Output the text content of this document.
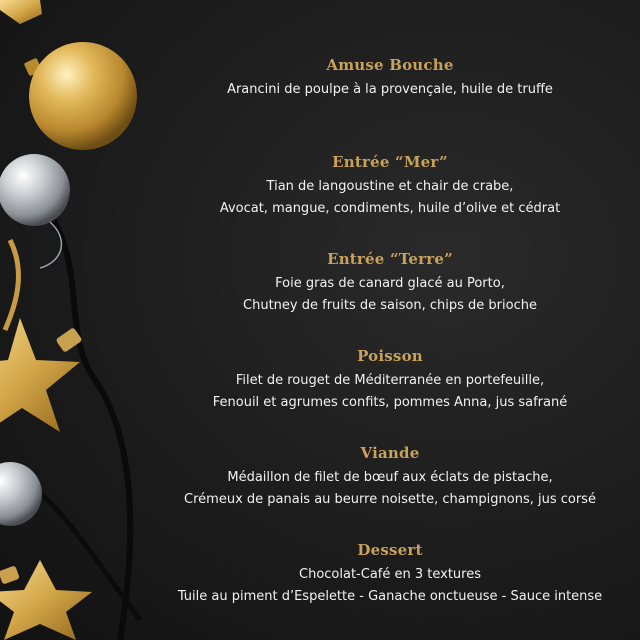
Amuse Bouche
Arancini de poulpe à la provençale, huile de truffe
Entrée “Mer”
Tian de langoustine et chair de crabe,
Avocat, mangue, condiments, huile d’olive et cédrat
Entrée “Terre”
Foie gras de canard glacé au Porto,
Chutney de fruits de saison, chips de brioche
Poisson
Filet de rouget de Méditerranée en portefeuille,
Fenouil et agrumes confits, pommes Anna, jus safrané
Viande
Médaillon de filet de bœuf aux éclats de pistache,
Crémeux de panais au beurre noisette, champignons, jus corsé
Dessert
Chocolat-Café en 3 textures
Tuile au piment d’Espelette - Ganache onctueuse - Sauce intense
